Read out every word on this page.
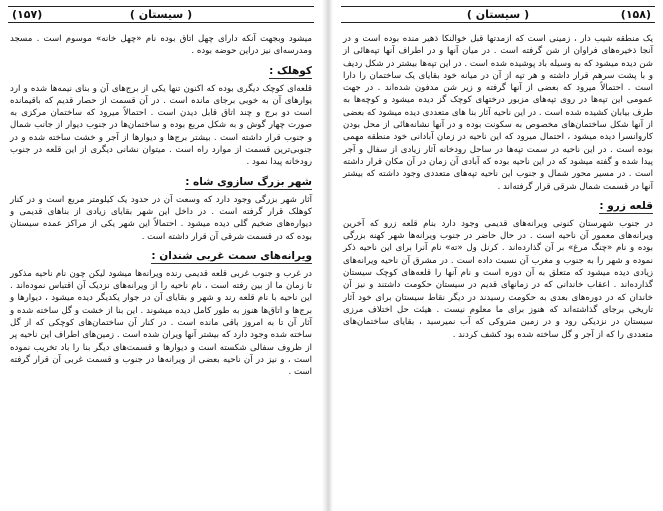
(۱۵۷)	( سیستان )

میشود وبجهت آنکه دارای چهل اتاق بوده نام «چهل خانه» موسوم است . مسجد ومدرسه‌ای نیز دراین حوضه بوده .

کوهلک :

قلعه‌ای کوچک دیگری بوده که اکنون تنها یکی از برج‌های آن و بنای نیمه‌ها شده و ارد یوارهای آن به خوبی برجای مانده است . در آن قسمت از حصار قدیم که باقیمانده است دو برج و چند اتاق قابل دیدن است . احتمالاً میرود که ساختمان مرکزی به صورت چهار گوش و به شکل مربع بوده و ساختمان‌ها در جنوب دیوار از جانب شمال و جنوب قرار داشته است . بیشتر برج‌ها و دیوارها از آجر و خشت ساخته شده و در جنوبی‌ترین قسمت از موارد راه است . میتوان نشانی دیگری از این قلعه در جنوب رودخانه پیدا نمود .

شهر بزرگ سازوی شاه :

آثار شهر بزرگی وجود دارد که وسعت آن در حدود یک کیلومتر مربع است و در کنار کوهلک قرار گرفته است . در داخل این شهر بقایای زیادی از بناهای قدیمی و دیواره‌های ضخیم گلی دیده میشود . احتمالاً این شهر یکی از مراکز عمده سیستان بوده که در قسمت شرقی آن قرار داشته است .

ویرانه‌های سمت غربی شندان :

در غرب و جنوب غربی قلعه قدیمی رنده ویرانه‌ها میشود لیکن چون نام ناحیه مذکور تا زمان ما از بین رفته است ، نام ناحیه را از ویرانه‌های نزدیک آن اقتباس نموده‌اند . این ناحیه با نام قلعه رند و شهر و بقایای آن در جوار یکدیگر دیده میشود ، دیوارها و برج‌ها و اتاق‌ها هنوز به طور کامل دیده میشوند . این بنا از خشت و گل ساخته شده و آثار آن تا به امروز باقی مانده است . در کنار آن ساختمان‌های کوچکی که از گل ساخته شده وجود دارد که بیشتر آنها ویران شده است . زمین‌های اطراف این ناحیه پر از ظروف سفالی شکسته است و دیوارها و قسمت‌های دیگر بنا را باد تخریب نموده است ، و نیز در آن ناحیه بعضی از ویرانه‌ها در جنوب و قسمت غربی آن قرار گرفته است .

(۱۵۸)
( سیستان )

یک منطقه شیب دار ، زمینی است که ازمدتها قبل خوالنکا ذهیر منده بوده است و در آنجا ذخیره‌های فراوان از شن گرفته است . در میان آنها و در اطراف آنها تپه‌هائی از شن دیده میشود که به وسیله باد پوشیده شده است . در این تپه‌ها بیشتر در شکل ردیف و با پشت سرهم قرار داشته و هر تپه از آن در میانه خود بقایای یک ساختمان را دارا است . احتمالاً میرود که بعضی از آنها گرفته و زیر شن مدفون شده‌اند . در جهت عمومی این تپه‌ها در روی تپه‌های مزبور درختهای کوچک گز دیده میشود و کوچه‌ها به طرف بیابان کشیده شده است . در این ناحیه آثار بنا های متعددی دیده میشود که بعضی از آنها شکل ساختمان‌های مخصوص به سکونت بوده و در آنها نشانه‌هائی از محل بودن کاروانسرا دیده میشود ، احتمال میرود که این ناحیه در زمان آبادانی خود منطقه مهمی بوده است . در این ناحیه در سمت تپه‌ها در ساحل رودخانه آثار زیادی از سفال و آجر پیدا شده و گفته میشود که در این ناحیه بوده که آبادی آن زمان در آن مکان قرار داشته است . در مسیر محور شمال و جنوب این ناحیه تپه‌های متعددی وجود داشته که بیشتر آنها در قسمت شمال شرقی قرار گرفته‌اند .

قلعه زرو :

در جنوب شهرستان کنونی ویرانه‌های قدیمی وجود دارد بنام قلعه زرو که آخرین ویرانه‌های معمور آن ناحیه است . در حال حاضر در جنوب ویرانه‌ها شهر کهنه بزرگی بوده و نام «چنگ مرغ» بر آن گذارده‌اند . کرنل ول «ته» نام آنرا برای این ناحیه ذکر نموده و شهر را به جنوب و مغرب آن نسبت داده است . در مشرق آن ناحیه ویرانه‌های زیادی دیده میشود که متعلق به آن دوره است و نام آنها را قلعه‌های کوچک سیستان گذارده‌اند . اعقاب خاندانی که در زمانهای قدیم در سیستان حکومت داشتند و نیز آن خاندان که در دوره‌های بعدی به حکومت رسیدند در دیگر نقاط سیستان برای خود آثار تاریخی برجای گذاشته‌اند که هنوز برای ما معلوم نیست . هیئت حل اختلاف مرزی سیستان در نزدیکی رود و در زمین متروکی که آب نمیرسید ، بقایای ساختمان‌های متعددی را که از آجر و گل ساخته شده بود کشف کردند .
